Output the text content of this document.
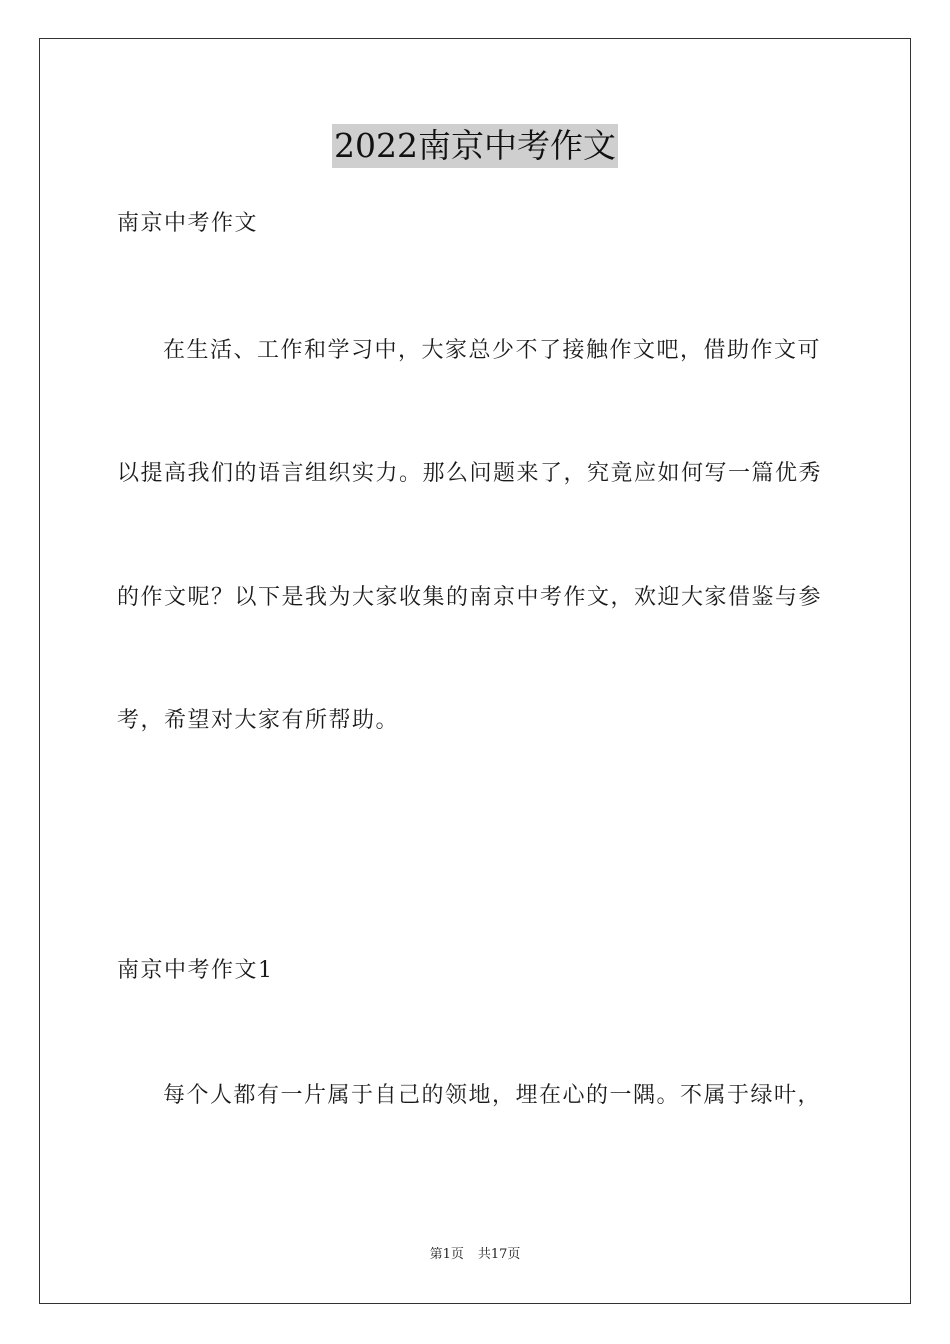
2022南京中考作文
南京中考作文
在生活、工作和学习中，大家总少不了接触作文吧，借助作文可
以提高我们的语言组织实力。那么问题来了，究竟应如何写一篇优秀
的作文呢？以下是我为大家收集的南京中考作文，欢迎大家借鉴与参
考，希望对大家有所帮助。
南京中考作文1
每个人都有一片属于自己的领地，埋在心的一隅。不属于绿叶，
第1页 共17页
